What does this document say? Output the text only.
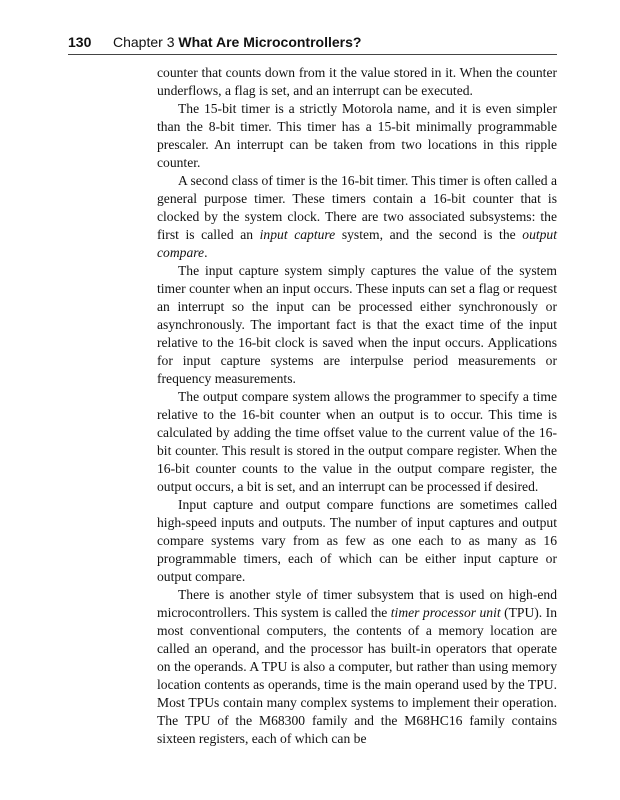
130 Chapter 3 What Are Microcontrollers?

counter that counts down from it the value stored in it. When the counter underflows, a flag is set, and an interrupt can be executed.

The 15-bit timer is a strictly Motorola name, and it is even simpler than the 8-bit timer. This timer has a 15-bit minimally programmable prescaler. An interrupt can be taken from two locations in this ripple counter.

A second class of timer is the 16-bit timer. This timer is often called a general purpose timer. These timers contain a 16-bit counter that is clocked by the system clock. There are two associated subsystems: the first is called an input capture system, and the second is the output compare.

The input capture system simply captures the value of the system timer counter when an input occurs. These inputs can set a flag or request an interrupt so the input can be processed either synchronously or asynchronously. The important fact is that the exact time of the input relative to the 16-bit clock is saved when the input occurs. Applications for input capture systems are interpulse period measurements or frequency measurements.

The output compare system allows the programmer to specify a time relative to the 16-bit counter when an output is to occur. This time is calculated by adding the time offset value to the current value of the 16-bit counter. This result is stored in the output compare register. When the 16-bit counter counts to the value in the output compare register, the output occurs, a bit is set, and an interrupt can be processed if desired.

Input capture and output compare functions are sometimes called high-speed inputs and outputs. The number of input captures and output compare systems vary from as few as one each to as many as 16 programmable timers, each of which can be either input capture or output compare.

There is another style of timer subsystem that is used on high-end microcontrollers. This system is called the timer processor unit (TPU). In most conventional computers, the contents of a memory location are called an operand, and the processor has built-in operators that operate on the operands. A TPU is also a computer, but rather than using memory location contents as operands, time is the main operand used by the TPU. Most TPUs contain many complex systems to implement their operation. The TPU of the M68300 family and the M68HC16 family contains sixteen registers, each of which can be
